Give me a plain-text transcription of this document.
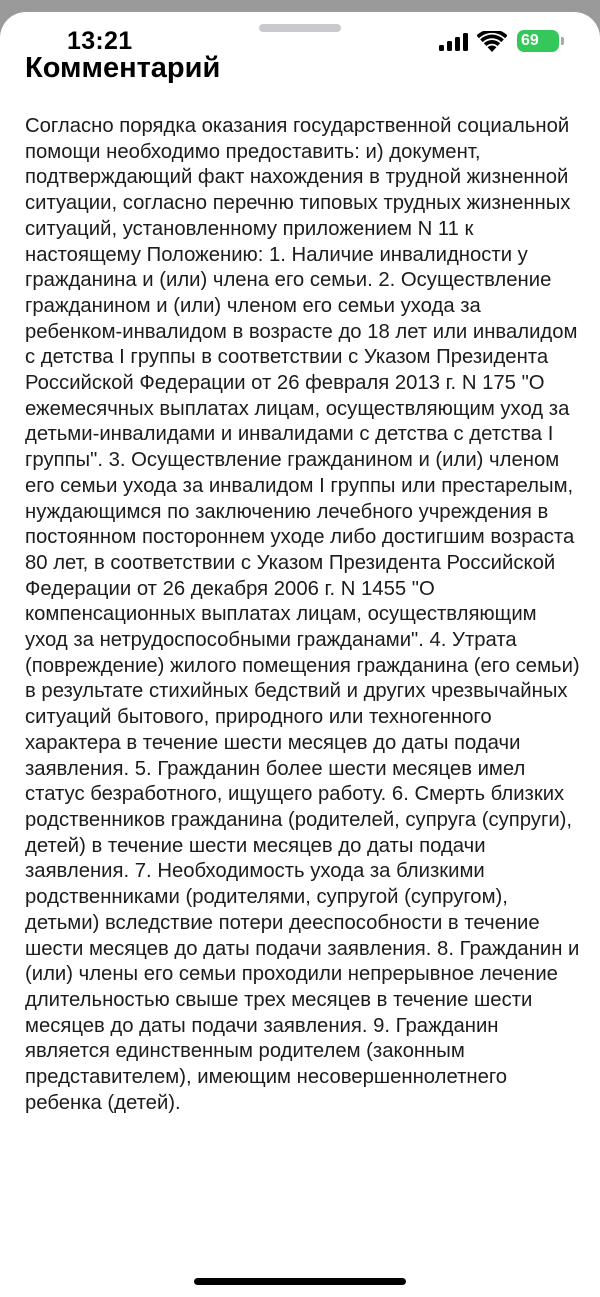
13:21	69
Комментарий

Согласно порядка оказания государственной социальной помощи необходимо предоставить: и) документ, подтверждающий факт нахождения в трудной жизненной ситуации, согласно перечню типовых трудных жизненных ситуаций, установленному приложением N 11 к настоящему Положению: 1. Наличие инвалидности у гражданина и (или) члена его семьи. 2. Осуществление гражданином и (или) членом его семьи ухода за ребенком-инвалидом в возрасте до 18 лет или инвалидом с детства I группы в соответствии с Указом Президента Российской Федерации от 26 февраля 2013 г. N 175 "О ежемесячных выплатах лицам, осуществляющим уход за детьми-инвалидами и инвалидами с детства с детства I группы". 3. Осуществление гражданином и (или) членом его семьи ухода за инвалидом I группы или престарелым, нуждающимся по заключению лечебного учреждения в постоянном постороннем уходе либо достигшим возраста 80 лет, в соответствии с Указом Президента Российской Федерации от 26 декабря 2006 г. N 1455 "О компенсационных выплатах лицам, осуществляющим уход за нетрудоспособными гражданами". 4. Утрата (повреждение) жилого помещения гражданина (его семьи) в результате стихийных бедствий и других чрезвычайных ситуаций бытового, природного или техногенного характера в течение шести месяцев до даты подачи заявления. 5. Гражданин более шести месяцев имел статус безработного, ищущего работу. 6. Смерть близких родственников гражданина (родителей, супруга (супруги), детей) в течение шести месяцев до даты подачи заявления. 7. Необходимость ухода за близкими родственниками (родителями, супругой (супругом), детьми) вследствие потери дееспособности в течение шести месяцев до даты подачи заявления. 8. Гражданин и (или) члены его семьи проходили непрерывное лечение длительностью свыше трех месяцев в течение шести месяцев до даты подачи заявления. 9. Гражданин является единственным родителем (законным представителем), имеющим несовершеннолетнего ребенка (детей).
